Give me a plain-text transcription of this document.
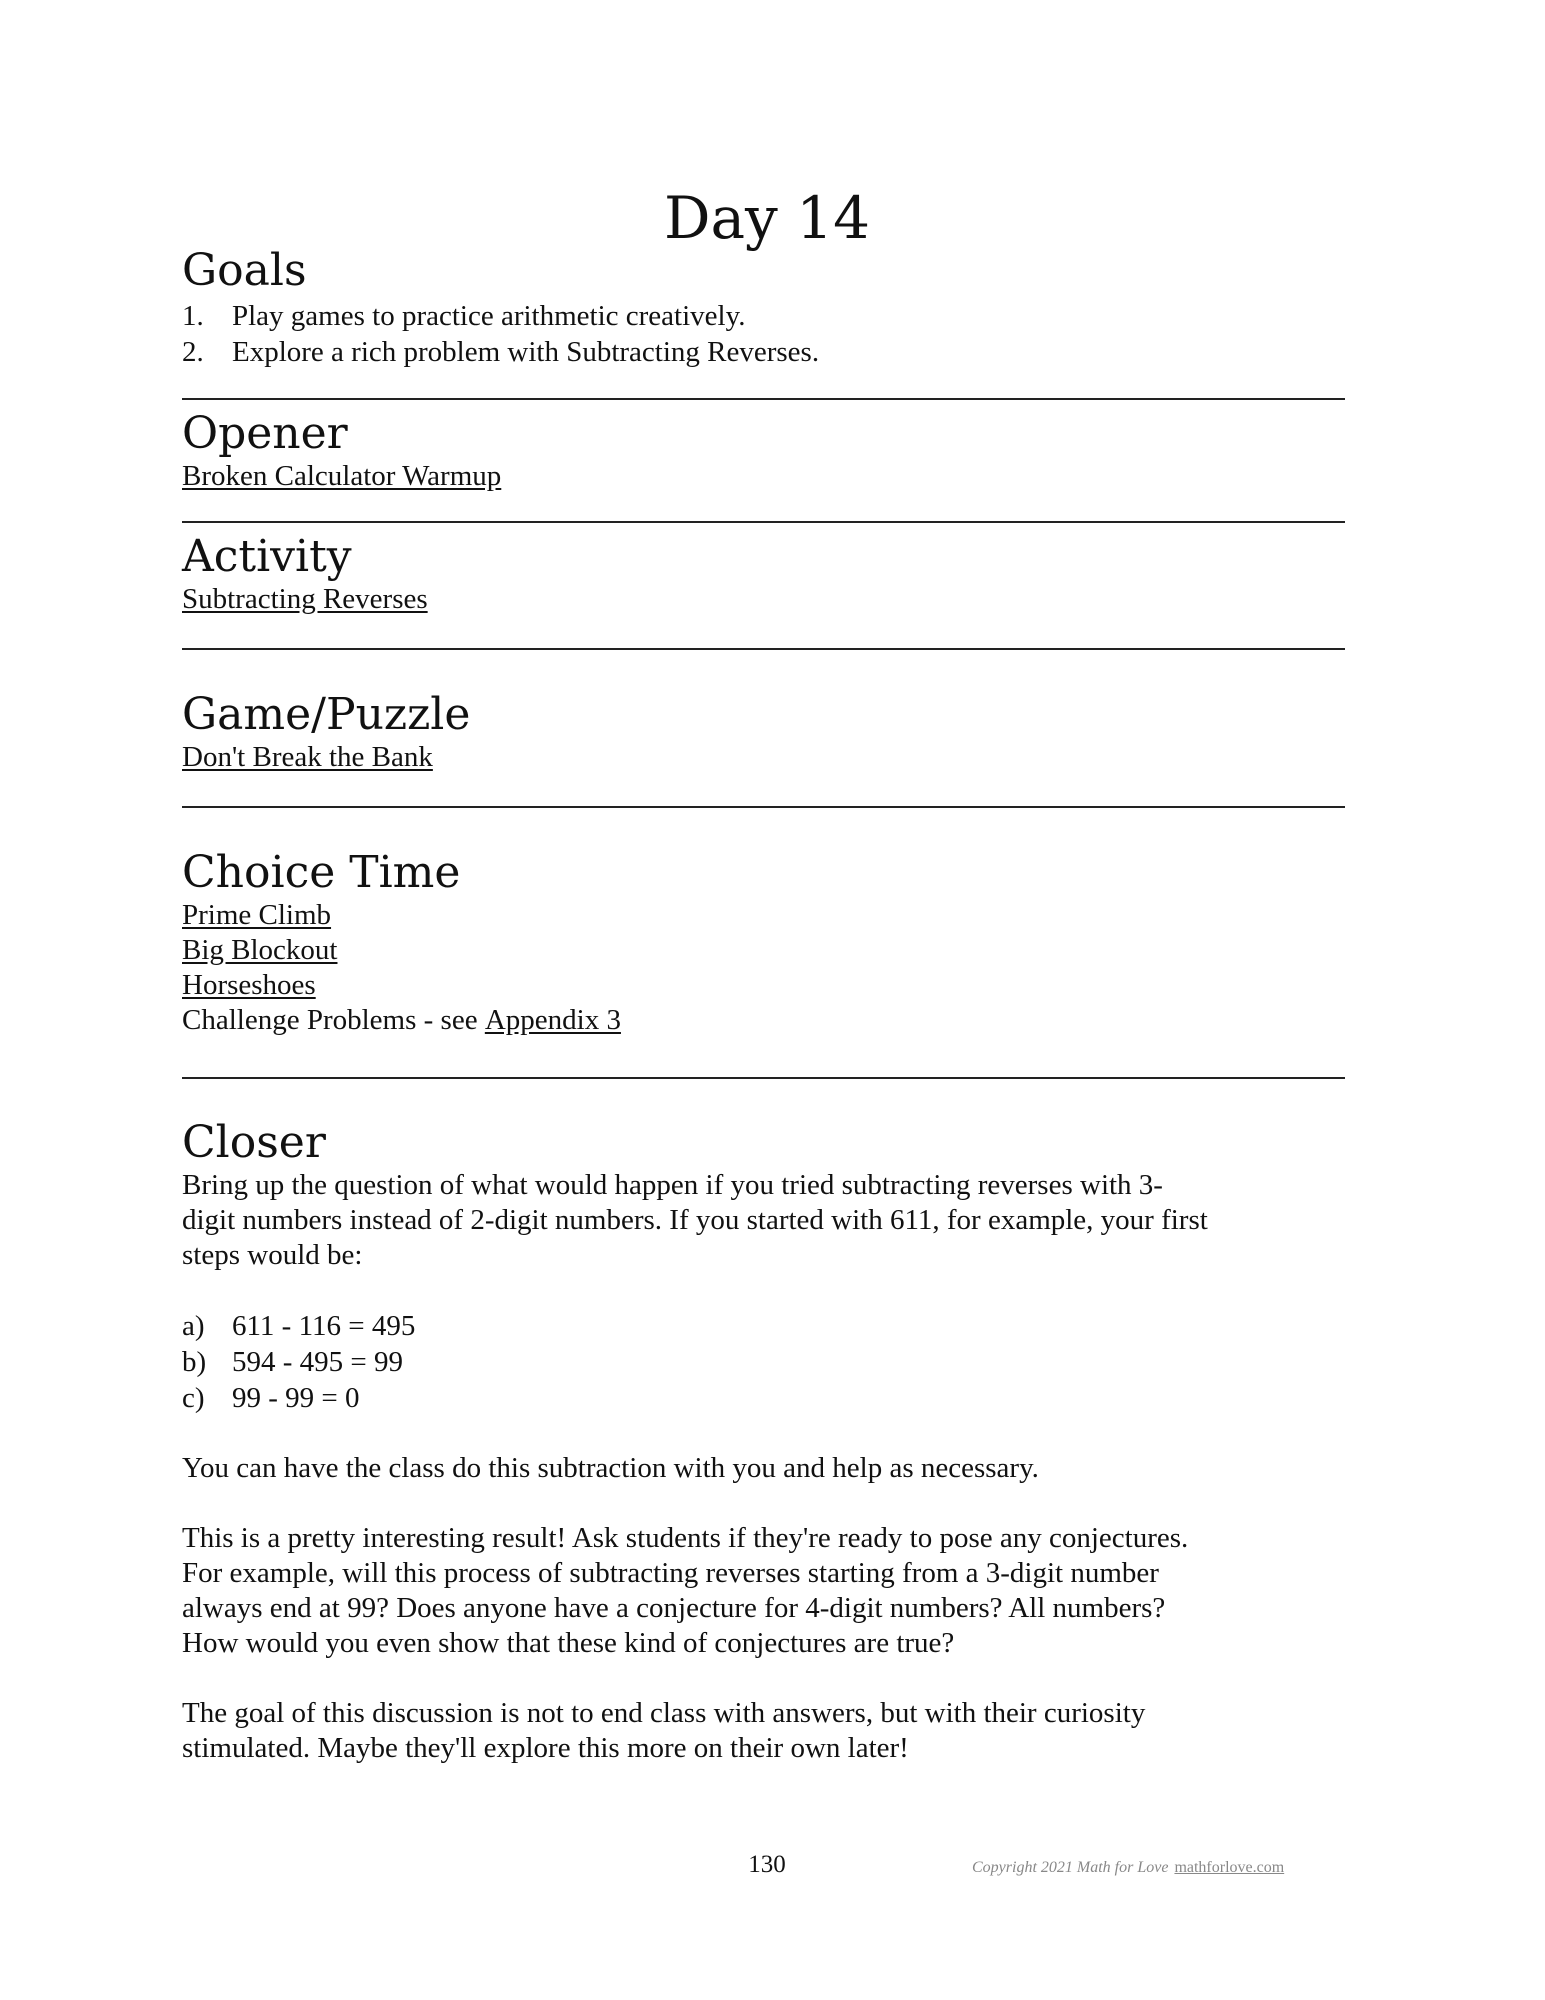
Day 14
Goals
1. Play games to practice arithmetic creatively.
2. Explore a rich problem with Subtracting Reverses.
Opener
Broken Calculator Warmup
Activity
Subtracting Reverses
Game/Puzzle
Don't Break the Bank
Choice Time
Prime Climb
Big Blockout
Horseshoes

Challenge Problems - see Appendix 3

Closer

Bring up the question of what would happen if you tried subtracting reverses with 3-
digit numbers instead of 2-digit numbers. If you started with 611, for example, your first
steps would be:

a) 611 - 116 = 495
b) 594 - 495 = 99
c) 99 - 99 = 0

You can have the class do this subtraction with you and help as necessary.

This is a pretty interesting result! Ask students if they're ready to pose any conjectures.
For example, will this process of subtracting reverses starting from a 3-digit number
always end at 99? Does anyone have a conjecture for 4-digit numbers? All numbers?
How would you even show that these kind of conjectures are true?

The goal of this discussion is not to end class with answers, but with their curiosity
stimulated. Maybe they'll explore this more on their own later!

130	Copyright 2021 Math for Love mathforlove.com
